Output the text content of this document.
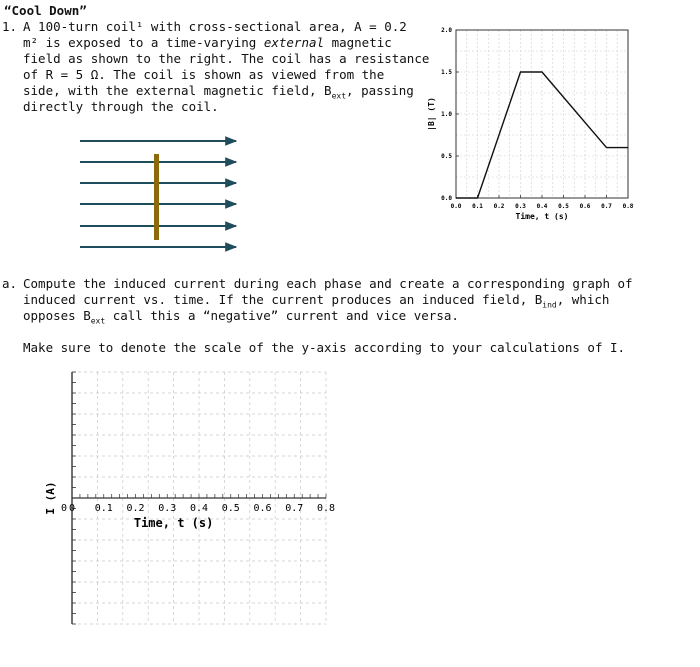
“Cool Down”
1. A 100-turn coil¹ with cross-sectional area, A = 0.2
m² is exposed to a time-varying external magnetic
field as shown to the right. The coil has a resistance
of R = 5 Ω. The coil is shown as viewed from the
side, with the external magnetic field, $B_{ext}$, passing
directly through the coil.
0.0
0.5
1.0
1.5
2.0
0.0 0.1 0.2 0.3 0.4 0.5 0.6 0.7 0.8
Time, t (s)
|B| (T)
a. Compute the induced current during each phase and create a corresponding graph of
induced current vs. time. If the current produces an induced field, $B_{ind}$, which
opposes $B_{ext}$ call this a “negative” current and vice versa.
Make sure to denote the scale of the y-axis according to your calculations of I.
0 0 0.1 0.2 0.3 0.4 0.5 0.6 0.7 0.8
Time, t (s)
I (A)
